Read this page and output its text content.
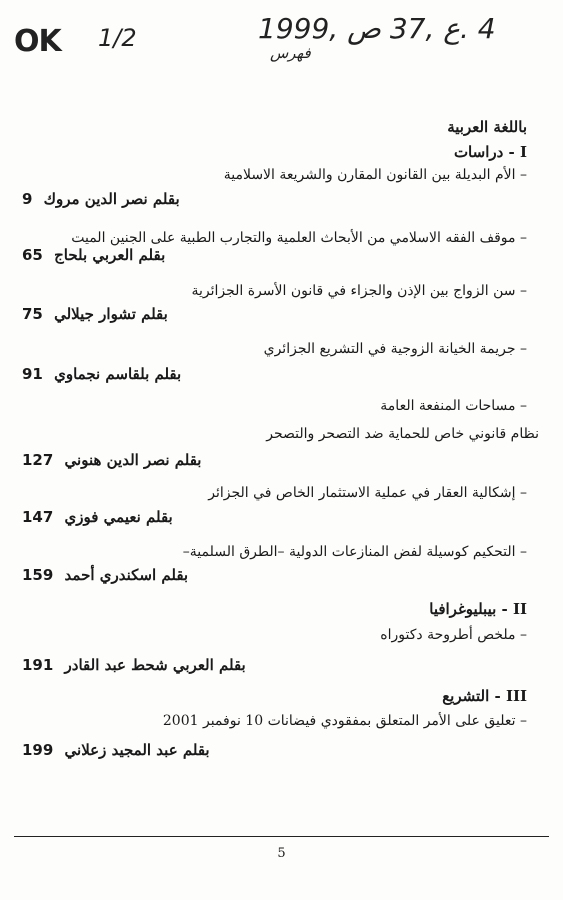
OK 1/2	4 .ع ,37 ص ,1999
فهرس
باللغة العربية
I - دراسات
– الأم البديلة بين القانون المقارن والشريعة الاسلامية
بقلم نصر الدين مروك 9
– موقف الفقه الاسلامي من الأبحاث العلمية والتجارب الطبية على الجنين الميت
بقلم العربي بلحاج 65
– سن الزواج بين الإذن والجزاء في قانون الأسرة الجزائرية
بقلم تشوار جيلالي 75
– جريمة الخيانة الزوجية في التشريع الجزائري
بقلم بلقاسم نجماوي 91
– مساحات المنفعة العامة
نظام قانوني خاص للحماية ضد التصحر والتصحر
بقلم نصر الدين هنوني 127
– إشكالية العقار في عملية الاستثمار الخاص في الجزائر
بقلم نعيمي فوزي 147
– التحكيم كوسيلة لفض المنازعات الدولية –الطرق السلمية–
بقلم اسكندري أحمد 159
II - بيبليوغرافيا
– ملخص أطروحة دكتوراه
بقلم العربي شحط عبد القادر 191
III - التشريع
– تعليق على الأمر المتعلق بمفقودي فيضانات 10 نوفمبر 2001
بقلم عبد المجيد زعلاني 199
5
